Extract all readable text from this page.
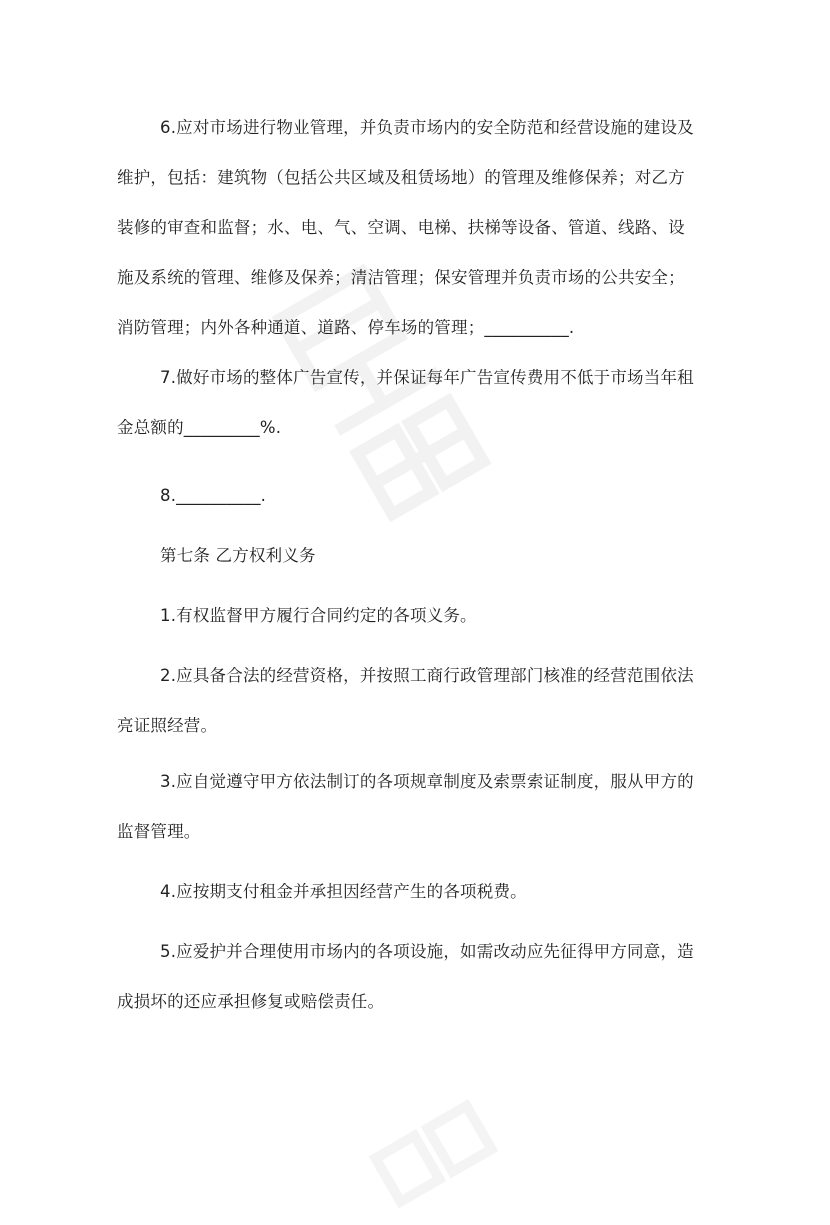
6.应对市场进行物业管理，并负责市场内的安全防范和经营设施的建设及
维护，包括：建筑物（包括公共区域及租赁场地）的管理及维修保养；对乙方
装修的审查和监督；水、电、气、空调、电梯、扶梯等设备、管道、线路、设
施及系统的管理、维修及保养；清洁管理；保安管理并负责市场的公共安全；
消防管理；内外各种通道、道路、停车场的管理；__________.
7.做好市场的整体广告宣传，并保证每年广告宣传费用不低于市场当年租
金总额的_________%.
8.__________.
第七条 乙方权利义务
1.有权监督甲方履行合同约定的各项义务。
2.应具备合法的经营资格，并按照工商行政管理部门核准的经营范围依法
亮证照经营。
3.应自觉遵守甲方依法制订的各项规章制度及索票索证制度，服从甲方的
监督管理。
4.应按期支付租金并承担因经营产生的各项税费。
5.应爱护并合理使用市场内的各项设施，如需改动应先征得甲方同意，造
成损坏的还应承担修复或赔偿责任。
